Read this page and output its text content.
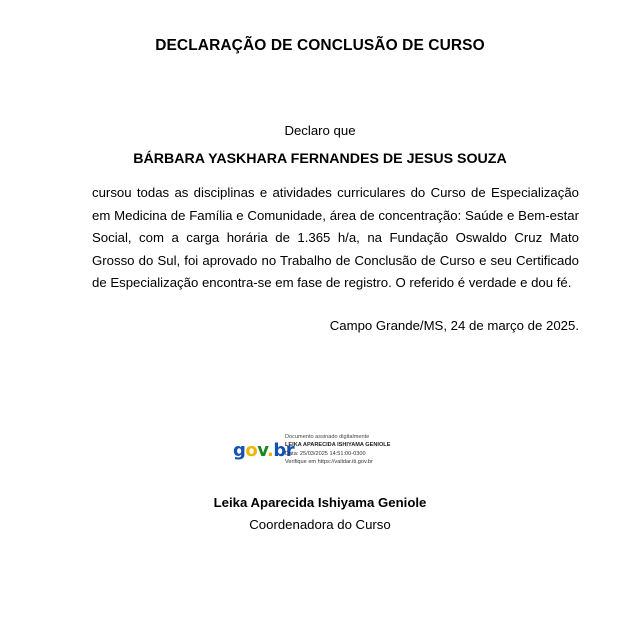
DECLARAÇÃO DE CONCLUSÃO DE CURSO
Declaro que
BÁRBARA YASKHARA FERNANDES DE JESUS SOUZA
cursou todas as disciplinas e atividades curriculares do Curso de Especialização em Medicina de Família e Comunidade, área de concentração: Saúde e Bem-estar Social, com a carga horária de 1.365 h/a, na Fundação Oswaldo Cruz Mato Grosso do Sul, foi aprovado no Trabalho de Conclusão de Curso e seu Certificado de Especialização encontra-se em fase de registro. O referido é verdade e dou fé.
Campo Grande/MS, 24 de março de 2025.
gov.br
Documento assinado digitalmente
LEIKA APARECIDA ISHIYAMA GENIOLE
Data: 25/03/2025 14:51:00-0300
Verifique em https://validar.iti.gov.br
Leika Aparecida Ishiyama Geniole
Coordenadora do Curso
